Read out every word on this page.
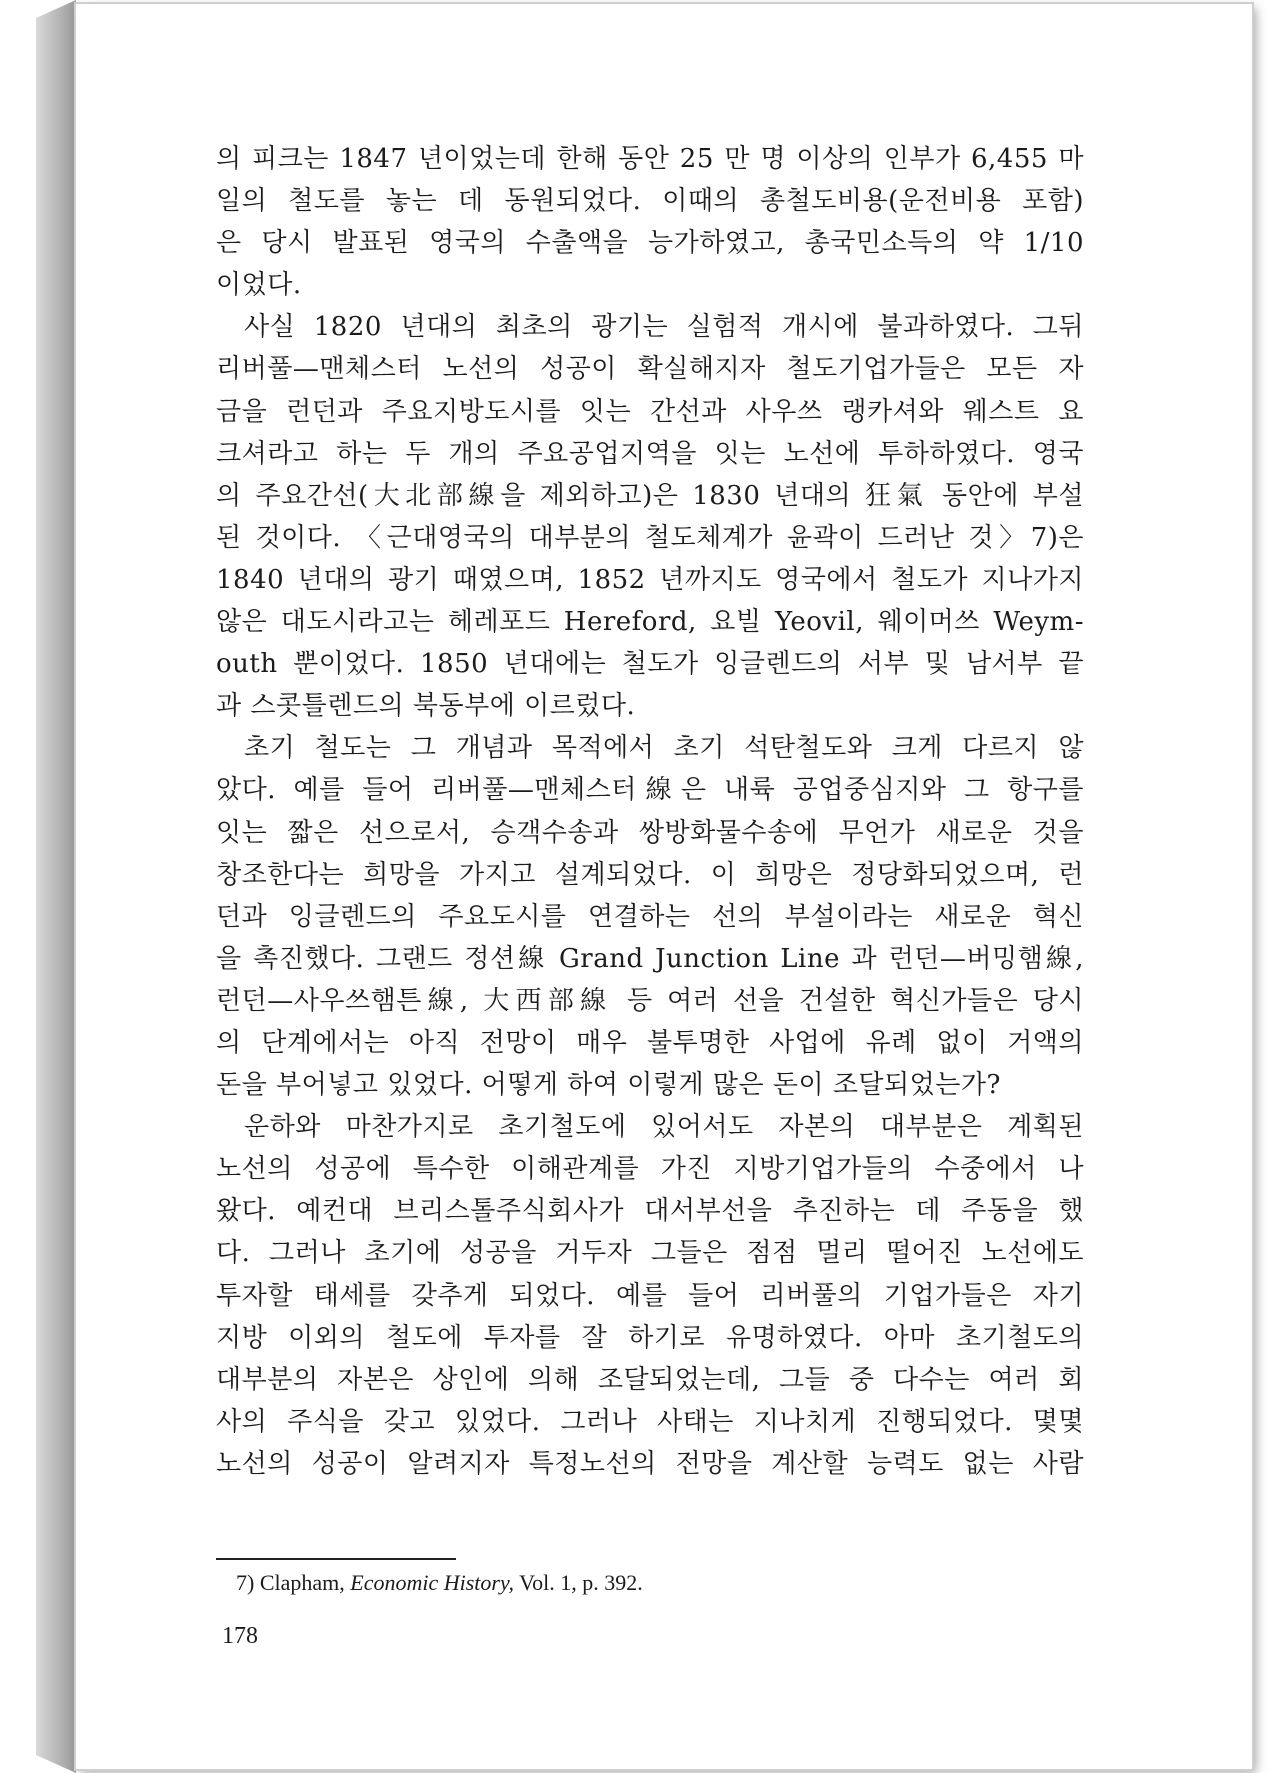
의 피크는 1847 년이었는데 한해 동안 25 만 명 이상의 인부가 6,455 마
일의 철도를 놓는 데 동원되었다. 이때의 총철도비용(운전비용 포함)
은 당시 발표된 영국의 수출액을 능가하였고, 총국민소득의 약 1/10
이었다.
사실 1820 년대의 최초의 광기는 실험적 개시에 불과하였다. 그뒤
리버풀—맨체스터 노선의 성공이 확실해지자 철도기업가들은 모든 자
금을 런던과 주요지방도시를 잇는 간선과 사우쓰 랭카셔와 웨스트 요
크셔라고 하는 두 개의 주요공업지역을 잇는 노선에 투하하였다. 영국
의 주요간선(大北部線을 제외하고)은 1830 년대의 狂氣 동안에 부설
된 것이다. 〈근대영국의 대부분의 철도체계가 윤곽이 드러난 것〉7)은
1840 년대의 광기 때였으며, 1852 년까지도 영국에서 철도가 지나가지
않은 대도시라고는 헤레포드 Hereford, 요빌 Yeovil, 웨이머쓰 Weym-
outh 뿐이었다. 1850 년대에는 철도가 잉글렌드의 서부 및 남서부 끝
과 스콧틀렌드의 북동부에 이르렀다.
초기 철도는 그 개념과 목적에서 초기 석탄철도와 크게 다르지 않
았다. 예를 들어 리버풀—맨체스터線은 내륙 공업중심지와 그 항구를
잇는 짧은 선으로서, 승객수송과 쌍방화물수송에 무언가 새로운 것을
창조한다는 희망을 가지고 설계되었다. 이 희망은 정당화되었으며, 런
던과 잉글렌드의 주요도시를 연결하는 선의 부설이라는 새로운 혁신
을 촉진했다. 그랜드 정션線 Grand Junction Line 과 런던—버밍햄線,
런던—사우쓰햄튼線, 大西部線 등 여러 선을 건설한 혁신가들은 당시
의 단계에서는 아직 전망이 매우 불투명한 사업에 유례 없이 거액의
돈을 부어넣고 있었다. 어떻게 하여 이렇게 많은 돈이 조달되었는가?
운하와 마찬가지로 초기철도에 있어서도 자본의 대부분은 계획된
노선의 성공에 특수한 이해관계를 가진 지방기업가들의 수중에서 나
왔다. 예컨대 브리스톨주식회사가 대서부선을 추진하는 데 주동을 했
다. 그러나 초기에 성공을 거두자 그들은 점점 멀리 떨어진 노선에도
투자할 태세를 갖추게 되었다. 예를 들어 리버풀의 기업가들은 자기
지방 이외의 철도에 투자를 잘 하기로 유명하였다. 아마 초기철도의
대부분의 자본은 상인에 의해 조달되었는데, 그들 중 다수는 여러 회
사의 주식을 갖고 있었다. 그러나 사태는 지나치게 진행되었다. 몇몇
노선의 성공이 알려지자 특정노선의 전망을 계산할 능력도 없는 사람
7) Clapham, Economic History, Vol. 1, p. 392.
178
